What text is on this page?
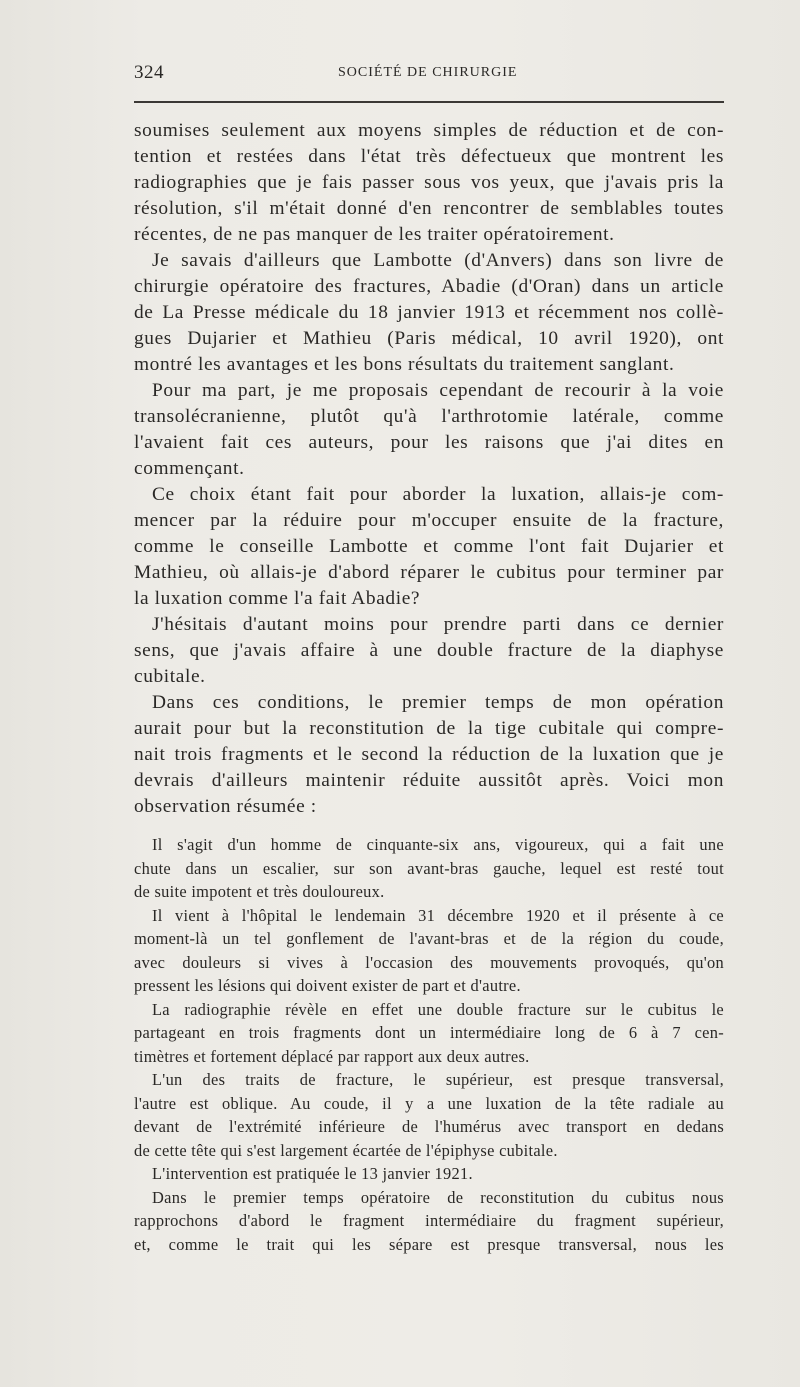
324	SOCIÉTÉ DE CHIRURGIE
soumises seulement aux moyens simples de réduction et de con-
tention et restées dans l'état très défectueux que montrent les
radiographies que je fais passer sous vos yeux, que j'avais pris la
résolution, s'il m'était donné d'en rencontrer de semblables toutes
récentes, de ne pas manquer de les traiter opératoirement.
Je savais d'ailleurs que Lambotte (d'Anvers) dans son livre de
chirurgie opératoire des fractures, Abadie (d'Oran) dans un article
de La Presse médicale du 18 janvier 1913 et récemment nos collè-
gues Dujarier et Mathieu (Paris médical, 10 avril 1920), ont
montré les avantages et les bons résultats du traitement sanglant.
Pour ma part, je me proposais cependant de recourir à la voie
transolécranienne, plutôt qu'à l'arthrotomie latérale, comme
l'avaient fait ces auteurs, pour les raisons que j'ai dites en
commençant.
Ce choix étant fait pour aborder la luxation, allais-je com-
mencer par la réduire pour m'occuper ensuite de la fracture,
comme le conseille Lambotte et comme l'ont fait Dujarier et
Mathieu, où allais-je d'abord réparer le cubitus pour terminer par
la luxation comme l'a fait Abadie?
J'hésitais d'autant moins pour prendre parti dans ce dernier
sens, que j'avais affaire à une double fracture de la diaphyse
cubitale.
Dans ces conditions, le premier temps de mon opération
aurait pour but la reconstitution de la tige cubitale qui compre-
nait trois fragments et le second la réduction de la luxation que je
devrais d'ailleurs maintenir réduite aussitôt après. Voici mon
observation résumée :
Il s'agit d'un homme de cinquante-six ans, vigoureux, qui a fait une
chute dans un escalier, sur son avant-bras gauche, lequel est resté tout
de suite impotent et très douloureux.
Il vient à l'hôpital le lendemain 31 décembre 1920 et il présente à ce
moment-là un tel gonflement de l'avant-bras et de la région du coude,
avec douleurs si vives à l'occasion des mouvements provoqués, qu'on
pressent les lésions qui doivent exister de part et d'autre.
La radiographie révèle en effet une double fracture sur le cubitus le
partageant en trois fragments dont un intermédiaire long de 6 à 7 cen-
timètres et fortement déplacé par rapport aux deux autres.
L'un des traits de fracture, le supérieur, est presque transversal,
l'autre est oblique. Au coude, il y a une luxation de la tête radiale au
devant de l'extrémité inférieure de l'humérus avec transport en dedans
de cette tête qui s'est largement écartée de l'épiphyse cubitale.
L'intervention est pratiquée le 13 janvier 1921.
Dans le premier temps opératoire de reconstitution du cubitus nous
rapprochons d'abord le fragment intermédiaire du fragment supérieur,
et, comme le trait qui les sépare est presque transversal, nous les
